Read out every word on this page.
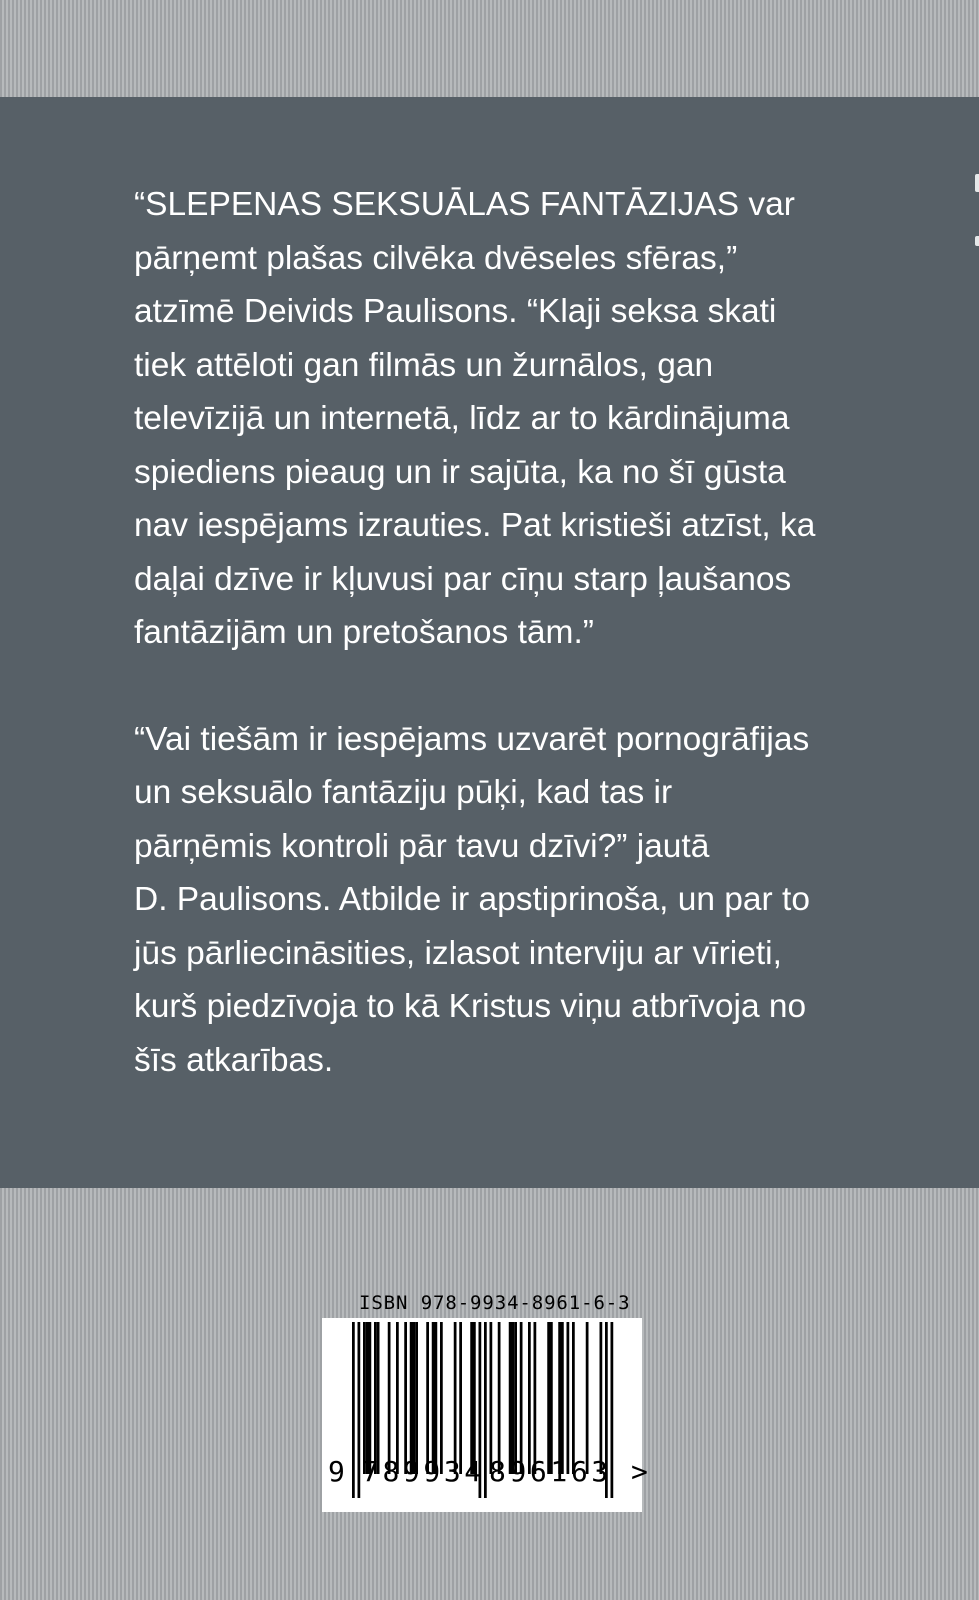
“SLEPENAS SEKSUĀLAS FANTĀZIJAS var

pārņemt plašas cilvēka dvēseles sfēras,”

atzīmē Deivids Paulisons. “Klaji seksa skati

tiek attēloti gan filmās un žurnālos, gan

televīzijā un internetā, līdz ar to kārdinājuma

spiediens pieaug un ir sajūta, ka no šī gūsta

nav iespējams izrauties. Pat kristieši atzīst, ka

daļai dzīve ir kļuvusi par cīņu starp ļaušanos

fantāzijām un pretošanos tām.”

“Vai tiešām ir iespējams uzvarēt pornogrāfijas

un seksuālo fantāziju pūķi, kad tas ir

pārņēmis kontroli pār tavu dzīvi?” jautā

D. Paulisons. Atbilde ir apstiprinoša, un par to

jūs pārliecināsities, izlasot interviju ar vīrieti,

kurš piedzīvoja to kā Kristus viņu atbrīvoja no

šīs atkarības.

ISBN 978-9934-8961-6-3
9 789934 896163 >
